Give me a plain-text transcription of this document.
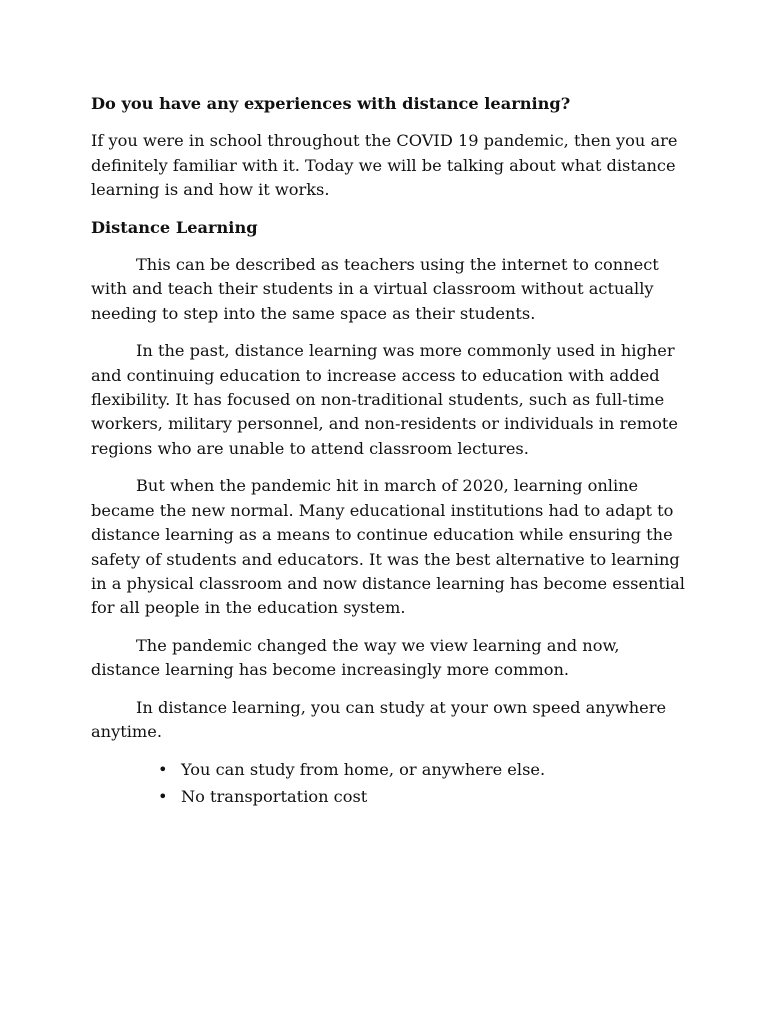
Do you have any experiences with distance learning?

If you were in school throughout the COVID 19 pandemic, then you are definitely familiar with it. Today we will be talking about what distance learning is and how it works.

Distance Learning

This can be described as teachers using the internet to connect with and teach their students in a virtual classroom without actually needing to step into the same space as their students.

In the past, distance learning was more commonly used in higher and continuing education to increase access to education with added flexibility. It has focused on non-traditional students, such as full-time workers, military personnel, and non-residents or individuals in remote regions who are unable to attend classroom lectures.

But when the pandemic hit in march of 2020, learning online became the new normal. Many educational institutions had to adapt to distance learning as a means to continue education while ensuring the safety of students and educators. It was the best alternative to learning in a physical classroom and now distance learning has become essential for all people in the education system.

The pandemic changed the way we view learning and now, distance learning has become increasingly more common.

In distance learning, you can study at your own speed anywhere anytime.

• You can study from home, or anywhere else.
• No transportation cost
